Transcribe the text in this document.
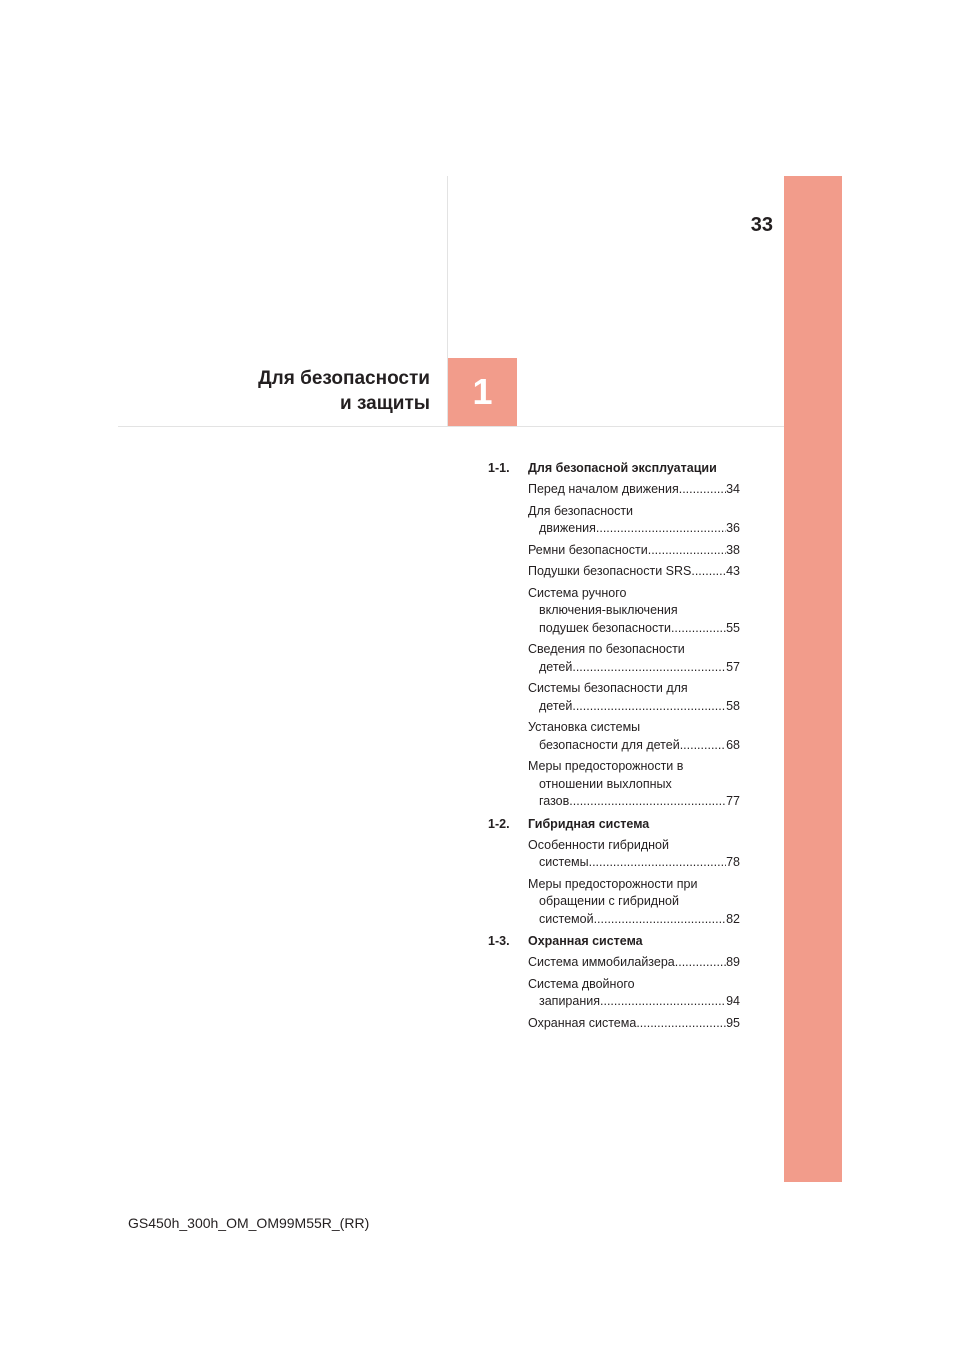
33
Для безопасности
и защиты	1
1-1.	Для безопасной эксплуатации
Перед началом движения .....	34
Для безопасности
движения .....	36
Ремни безопасности .....	38
Подушки безопасности SRS .....	43
Система ручного
включения-выключения
подушек безопасности .....	55
Сведения по безопасности
детей .....	57
Системы безопасности для
детей .....	58
Установка системы
безопасности для детей .....	68
Меры предосторожности в
отношении выхлопных
газов .....	77
1-2.	Гибридная система
Особенности гибридной
системы .....	78
Меры предосторожности при
обращении с гибридной
системой .....	82
1-3.	Охранная система
Система иммобилайзера .....	89
Система двойного
запирания .....	94
Охранная система .....	95
GS450h_300h_OM_OM99M55R_(RR)
